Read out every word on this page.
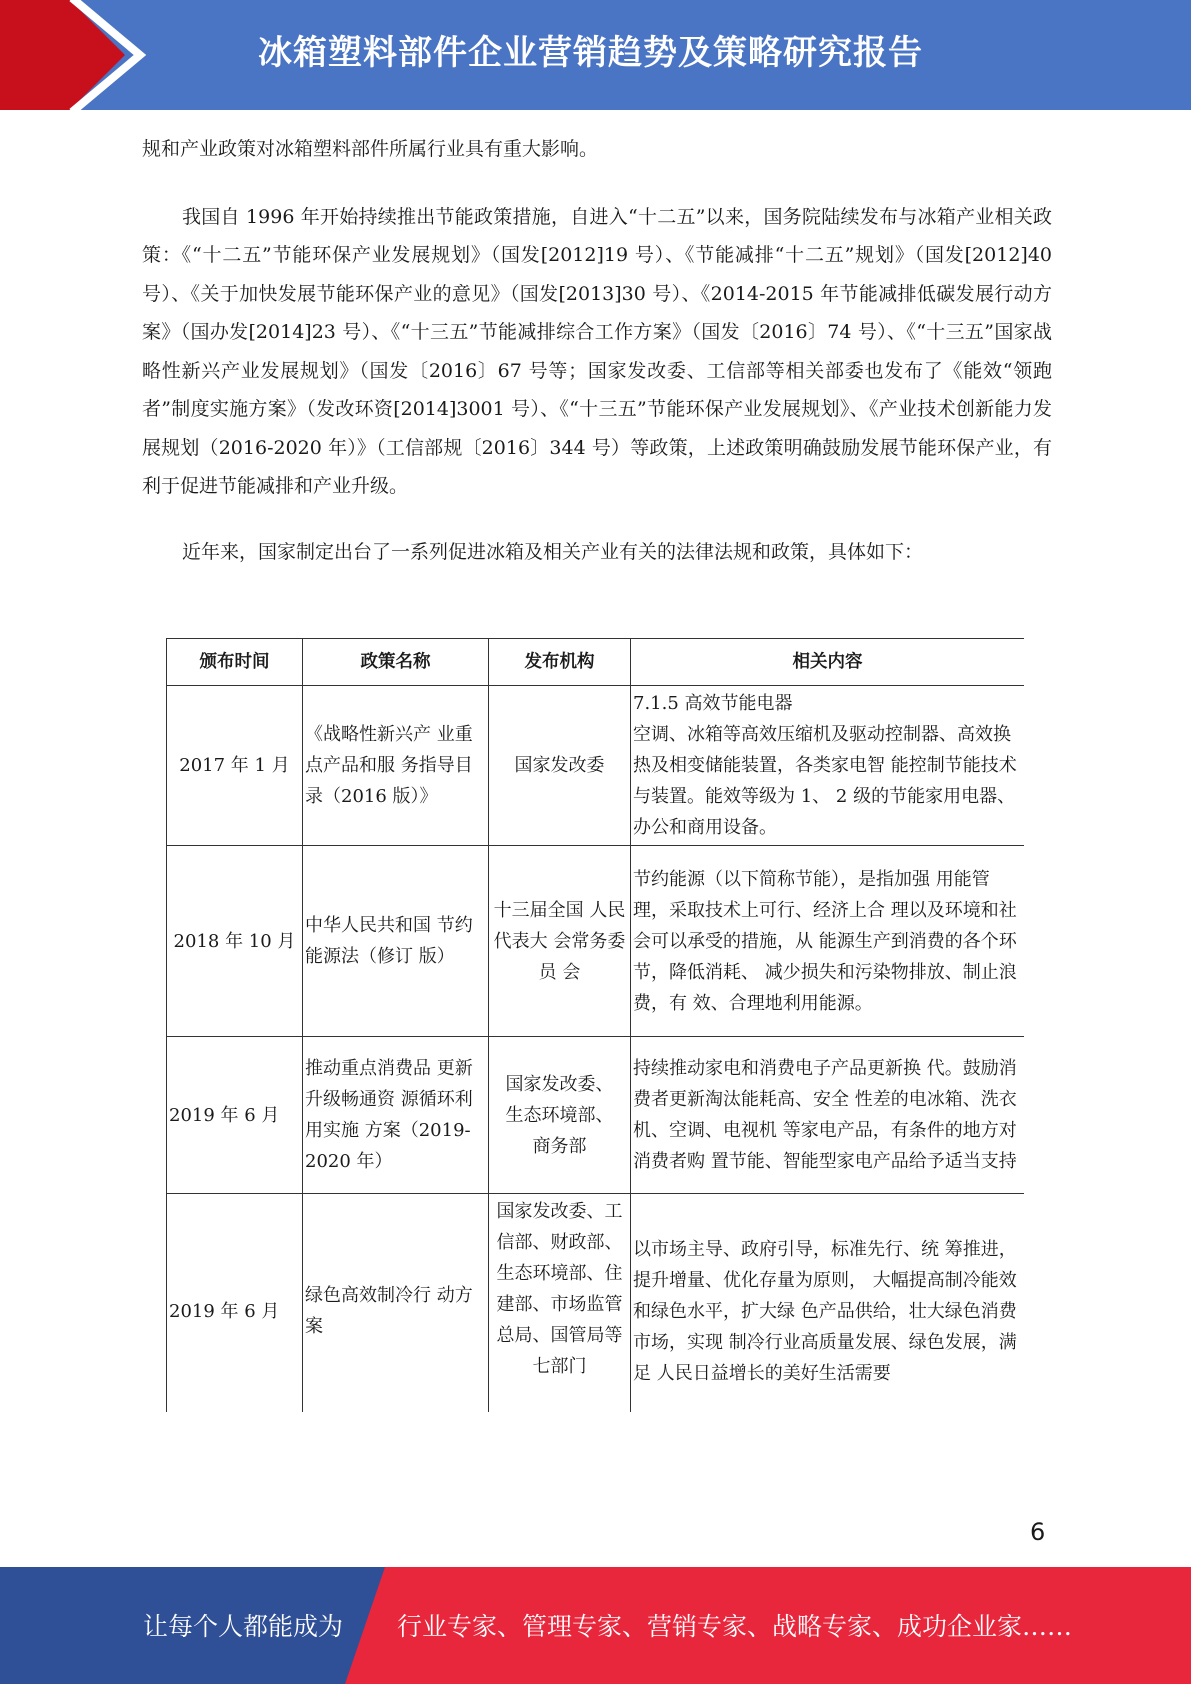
冰箱塑料部件企业营销趋势及策略研究报告

规和产业政策对冰箱塑料部件所属行业具有重大影响。

我国自 1996 年开始持续推出节能政策措施，自进入“十二五”以来，国务院陆续发布与冰箱产业相关政策：《“十二五”节能环保产业发展规划》（国发[2012]19 号）、《节能减排“十二五”规划》（国发[2012]40 号）、《关于加快发展节能环保产业的意见》（国发[2013]30 号）、《2014-2015 年节能减排低碳发展行动方案》（国办发[2014]23 号）、《“十三五”节能减排综合工作方案》（国发〔2016〕74 号）、《“十三五”国家战略性新兴产业发展规划》（国发〔2016〕67 号等；国家发改委、工信部等相关部委也发布了《能效“领跑者”制度实施方案》（发改环资[2014]3001 号）、《“十三五”节能环保产业发展规划》、《产业技术创新能力发展规划（2016-2020 年）》（工信部规〔2016〕344 号）等政策，上述政策明确鼓励发展节能环保产业，有利于促进节能减排和产业升级。

近年来，国家制定出台了一系列促进冰箱及相关产业有关的法律法规和政策，具体如下：

颁布时间	政策名称	发布机构	相关内容
2017 年 1 月	《战略性新兴产 业重点产品和服 务指导目录（2016 版）》	国家发改委	7.1.5 高效节能电器
空调、冰箱等高效压缩机及驱动控制器、高效换热及相变储能装置，各类家电智 能控制节能技术与装置。能效等级为 1、 2 级的节能家用电器、办公和商用设备。
2018 年 10 月	中华人民共和国 节约能源法（修订 版）	十三届全国 人民代表大 会常务委员 会	节约能源（以下简称节能），是指加强 用能管理，采取技术上可行、经济上合 理以及环境和社会可以承受的措施，从 能源生产到消费的各个环节，降低消耗、 减少损失和污染物排放、制止浪费，有 效、合理地利用能源。
2019 年 6 月	推动重点消费品 更新升级畅通资 源循环利用实施 方案（2019-2020 年）	国家发改委、
生态环境部、
商务部	持续推动家电和消费电子产品更新换 代。鼓励消费者更新淘汰能耗高、安全 性差的电冰箱、洗衣机、空调、电视机 等家电产品，有条件的地方对消费者购 置节能、智能型家电产品给予适当支持
2019 年 6 月	绿色高效制冷行 动方案	国家发改委、工信部、财政部、生态环境部、住建部、市场监管总局、国管局等七部门	以市场主导、政府引导，标准先行、统 筹推进，提升增量、优化存量为原则， 大幅提高制冷能效和绿色水平，扩大绿 色产品供给，壮大绿色消费市场，实现 制冷行业高质量发展、绿色发展，满足 人民日益增长的美好生活需要
6
让每个人都能成为 行业专家、管理专家、营销专家、战略专家、成功企业家……
